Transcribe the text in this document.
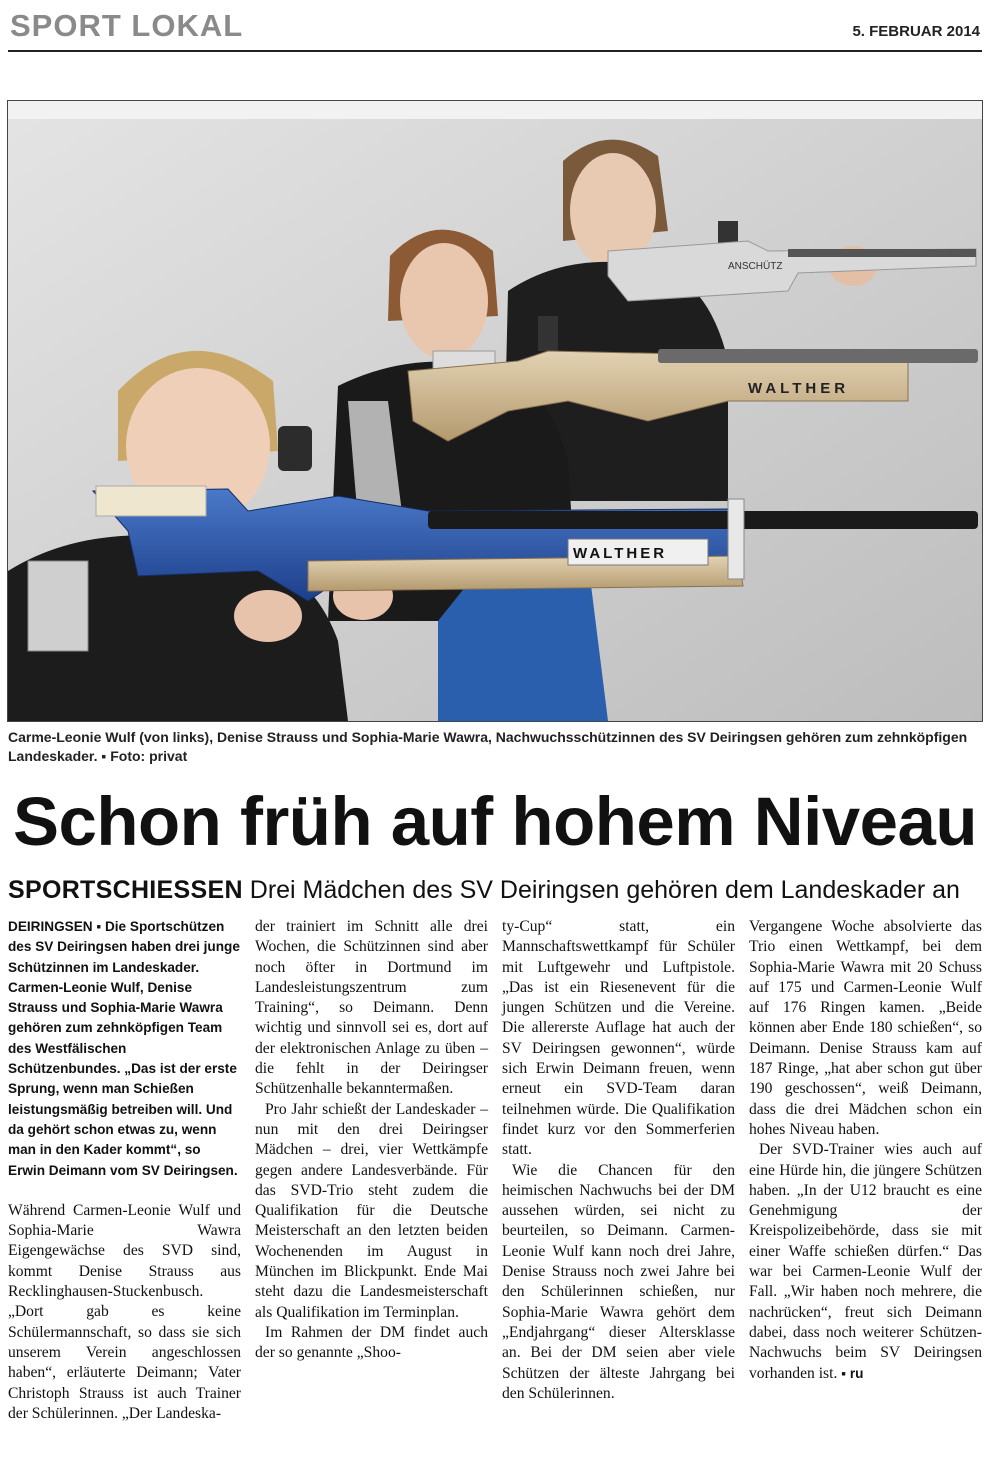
SPORT LOKAL	5. FEBRUAR 2014
ANSCHÜTZ
WALTHER
WALTHER
Carme-Leonie Wulf (von links), Denise Strauss und Sophia-Marie Wawra, Nachwuchsschützinnen des SV Deiringsen gehören zum zehnköpfigen Landeskader. ▪ Foto: privat
Schon früh auf hohem Niveau
SPORTSCHIESSEN Drei Mädchen des SV Deiringsen gehören dem Landeskader an

DEIRINGSEN ▪ Die Sportschützen des SV Deiringsen haben drei junge Schützinnen im Landeskader. Carmen-Leonie Wulf, Denise Strauss und Sophia-Marie Wawra gehören zum zehnköpfigen Team des Westfälischen Schützenbundes. „Das ist der erste Sprung, wenn man Schießen leistungsmäßig betreiben will. Und da gehört schon etwas zu, wenn man in den Kader kommt“, so Erwin Deimann vom SV Deiringsen.

Während Carmen-Leonie Wulf und Sophia-Marie Wawra Eigengewächse des SVD sind, kommt Denise Strauss aus Recklinghausen-Stuckenbusch. „Dort gab es keine Schülermannschaft, so dass sie sich unserem Verein angeschlossen haben“, erläuterte Deimann; Vater Christoph Strauss ist auch Trainer der Schülerinnen. „Der Landeska-

der trainiert im Schnitt alle drei Wochen, die Schützinnen sind aber noch öfter in Dortmund im Landesleistungszentrum zum Training“, so Deimann. Denn wichtig und sinnvoll sei es, dort auf der elektronischen Anlage zu üben – die fehlt in der Deiringser Schützenhalle bekanntermaßen.

Pro Jahr schießt der Landeskader – nun mit den drei Deiringser Mädchen – drei, vier Wettkämpfe gegen andere Landesverbände. Für das SVD-Trio steht zudem die Qualifikation für die Deutsche Meisterschaft an den letzten beiden Wochenenden im August in München im Blickpunkt. Ende Mai steht dazu die Landesmeisterschaft als Qualifikation im Terminplan.

Im Rahmen der DM findet auch der so genannte „Shoo-

ty-Cup“ statt, ein Mannschaftswettkampf für Schüler mit Luftgewehr und Luftpistole. „Das ist ein Riesenevent für die jungen Schützen und die Vereine. Die allererste Auflage hat auch der SV Deiringsen gewonnen“, würde sich Erwin Deimann freuen, wenn erneut ein SVD-Team daran teilnehmen würde. Die Qualifikation findet kurz vor den Sommerferien statt.

Wie die Chancen für den heimischen Nachwuchs bei der DM aussehen würden, sei nicht zu beurteilen, so Deimann. Carmen-Leonie Wulf kann noch drei Jahre, Denise Strauss noch zwei Jahre bei den Schülerinnen schießen, nur Sophia-Marie Wawra gehört dem „Endjahrgang“ dieser Altersklasse an. Bei der DM seien aber viele Schützen der älteste Jahrgang bei den Schülerinnen.

Vergangene Woche absolvierte das Trio einen Wettkampf, bei dem Sophia-Marie Wawra mit 20 Schuss auf 175 und Carmen-Leonie Wulf auf 176 Ringen kamen. „Beide können aber Ende 180 schießen“, so Deimann. Denise Strauss kam auf 187 Ringe, „hat aber schon gut über 190 geschossen“, weiß Deimann, dass die drei Mädchen schon ein hohes Niveau haben.

Der SVD-Trainer wies auch auf eine Hürde hin, die jüngere Schützen haben. „In der U12 braucht es eine Genehmigung der Kreispolizeibehörde, dass sie mit einer Waffe schießen dürfen.“ Das war bei Carmen-Leonie Wulf der Fall. „Wir haben noch mehrere, die nachrücken“, freut sich Deimann dabei, dass noch weiterer Schützen-Nachwuchs beim SV Deiringsen vorhanden ist. ▪ ru
